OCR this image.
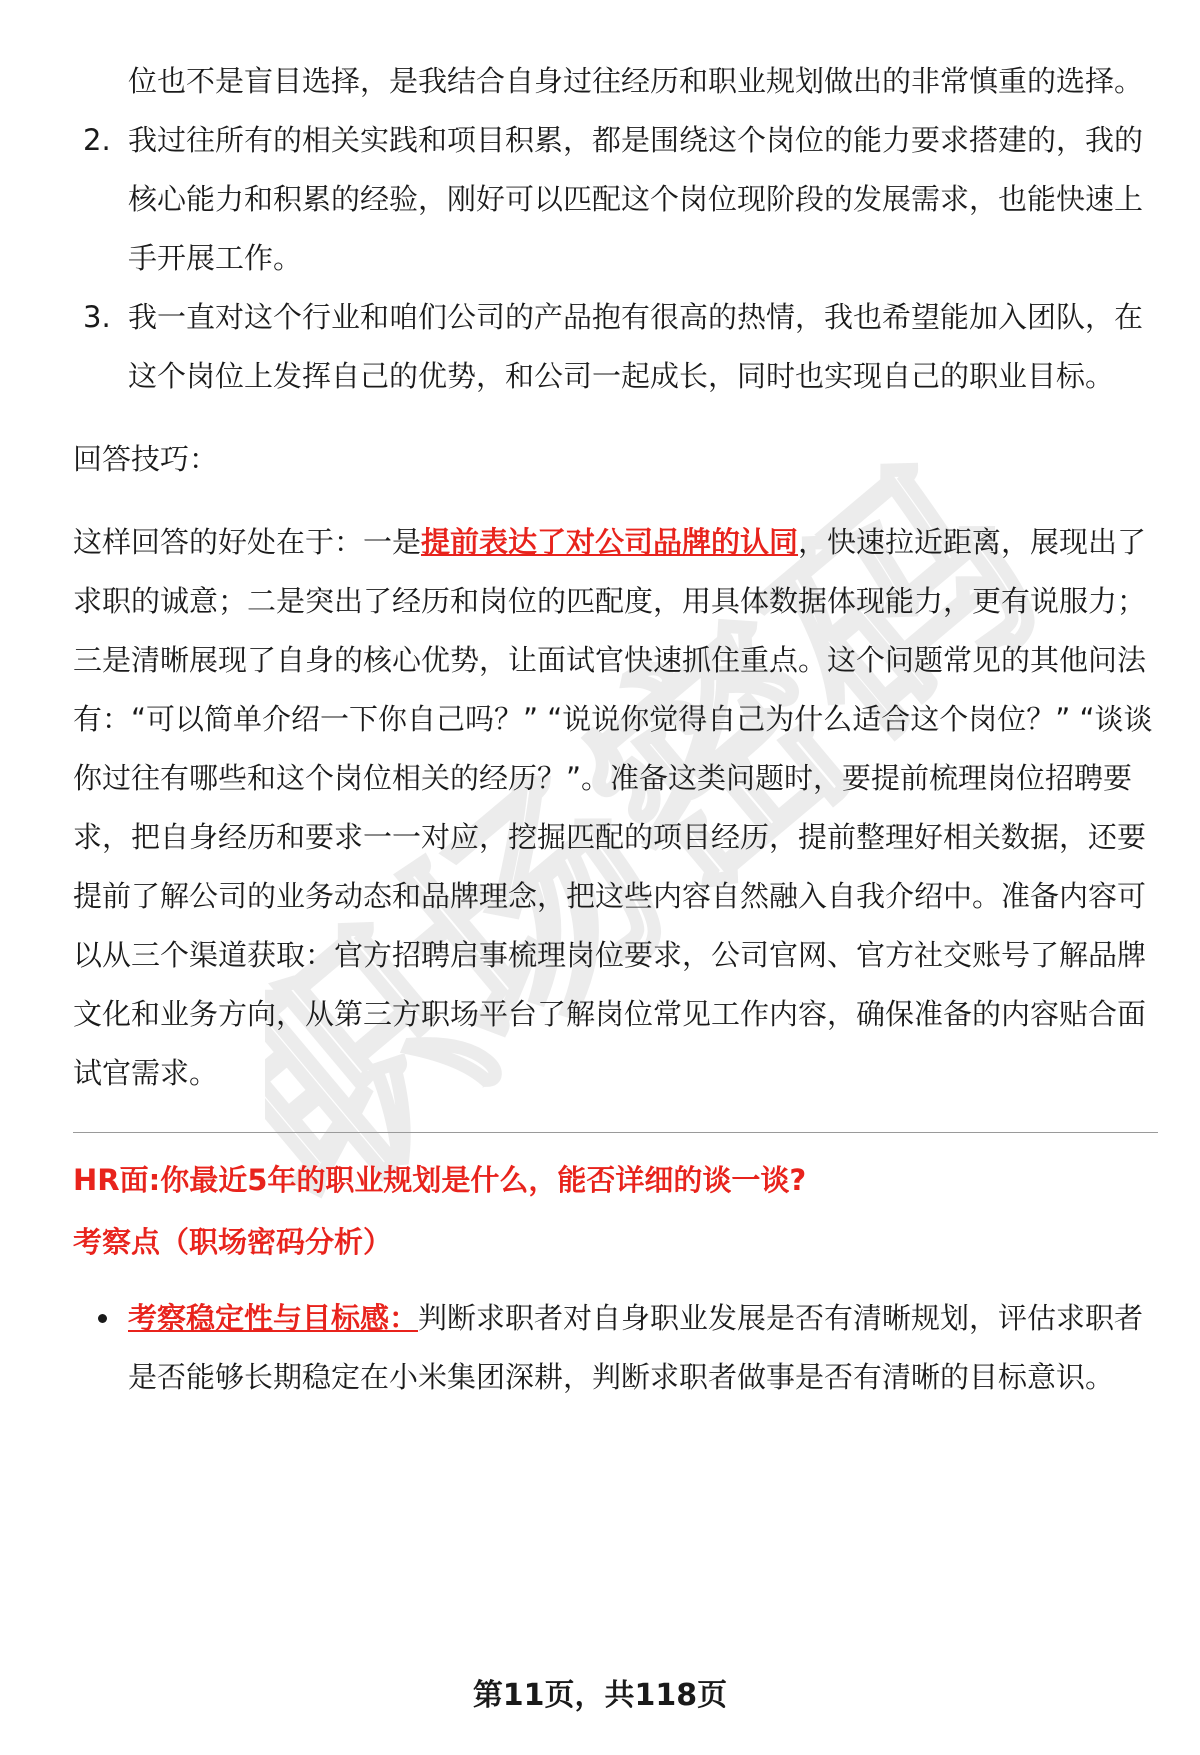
职场密码
位也不是盲目选择，是我结合自身过往经历和职业规划做出的非常慎重的选择。
2. 我过往所有的相关实践和项目积累，都是围绕这个岗位的能力要求搭建的，我的核心能力和积累的经验，刚好可以匹配这个岗位现阶段的发展需求，也能快速上手开展工作。
3. 我一直对这个行业和咱们公司的产品抱有很高的热情，我也希望能加入团队，在这个岗位上发挥自己的优势，和公司一起成长，同时也实现自己的职业目标。
回答技巧：
这样回答的好处在于：一是提前表达了对公司品牌的认同，快速拉近距离，展现出了求职的诚意；二是突出了经历和岗位的匹配度，用具体数据体现能力，更有说服力；三是清晰展现了自身的核心优势，让面试官快速抓住重点。这个问题常见的其他问法有：“可以简单介绍一下你自己吗？” “说说你觉得自己为什么适合这个岗位？” “谈谈你过往有哪些和这个岗位相关的经历？”。准备这类问题时，要提前梳理岗位招聘要求，把自身经历和要求一一对应，挖掘匹配的项目经历，提前整理好相关数据，还要提前了解公司的业务动态和品牌理念，把这些内容自然融入自我介绍中。准备内容可以从三个渠道获取：官方招聘启事梳理岗位要求，公司官网、官方社交账号了解品牌文化和业务方向，从第三方职场平台了解岗位常见工作内容，确保准备的内容贴合面试官需求。
HR面:你最近5年的职业规划是什么，能否详细的谈一谈?
考察点（职场密码分析）
考察稳定性与目标感：判断求职者对自身职业发展是否有清晰规划，评估求职者是否能够长期稳定在小米集团深耕，判断求职者做事是否有清晰的目标意识。
第11页，共118页
